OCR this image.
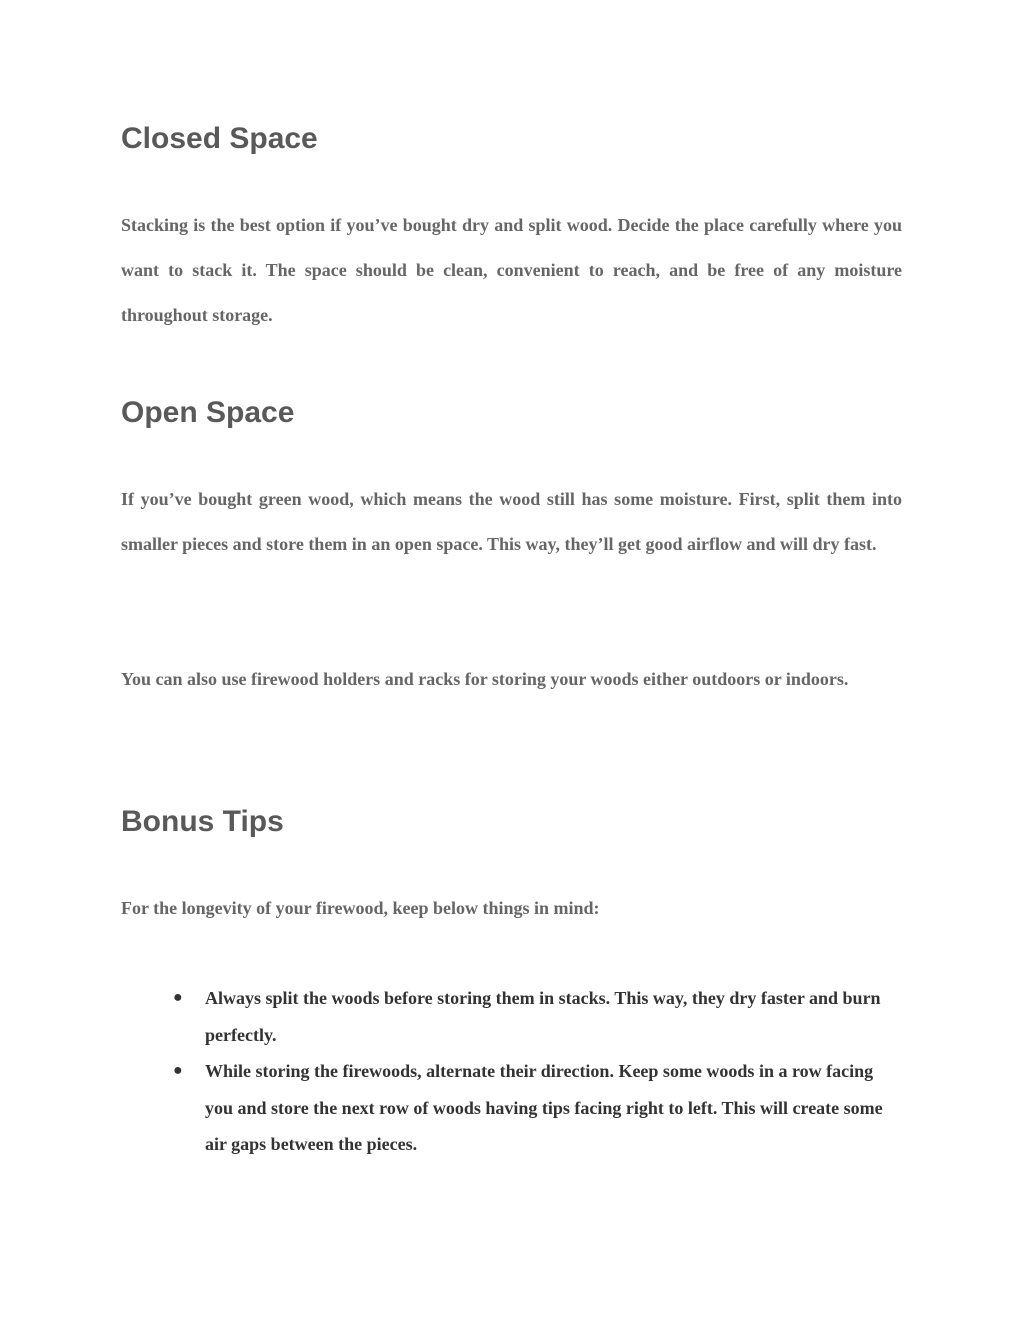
Closed Space

Stacking is the best option if you’ve bought dry and split wood. Decide the place carefully where you want to stack it. The space should be clean, convenient to reach, and be free of any moisture throughout storage.

Open Space

If you’ve bought green wood, which means the wood still has some moisture. First, split them into smaller pieces and store them in an open space. This way, they’ll get good airflow and will dry fast.

You can also use firewood holders and racks for storing your woods either outdoors or indoors.

Bonus Tips

For the longevity of your firewood, keep below things in mind:

● Always split the woods before storing them in stacks. This way, they dry faster and burn perfectly.
● While storing the firewoods, alternate their direction. Keep some woods in a row facing you and store the next row of woods having tips facing right to left. This will create some air gaps between the pieces.
